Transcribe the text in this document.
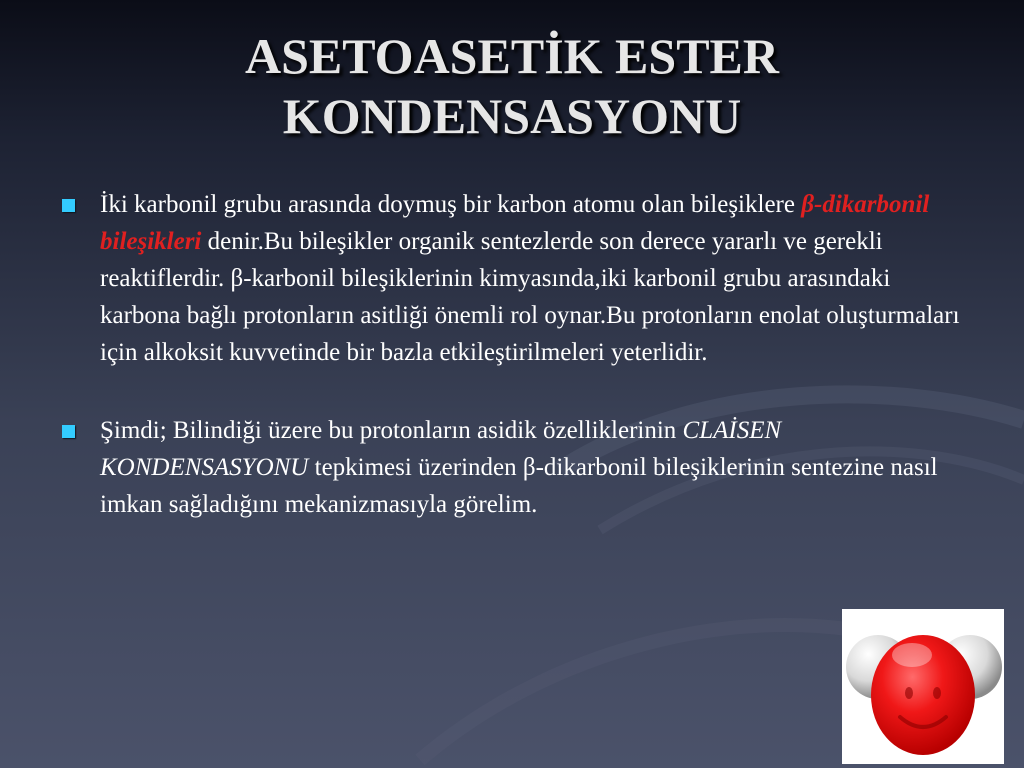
ASETOASETİK ESTER
KONDENSASYONU
İki karbonil grubu arasında doymuş bir karbon atomu olan bileşiklere β-dikarbonil bileşikleri denir.Bu bileşikler organik sentezlerde son derece yararlı ve gerekli reaktiflerdir. β-karbonil bileşiklerinin kimyasında,iki karbonil grubu arasındaki karbona bağlı protonların asitliği önemli rol oynar.Bu protonların enolat oluşturmaları için alkoksit kuvvetinde bir bazla etkileştirilmeleri yeterlidir.
Şimdi; Bilindiği üzere bu protonların asidik özelliklerinin CLAİSEN KONDENSASYONU tepkimesi üzerinden β-dikarbonil bileşiklerinin sentezine nasıl imkan sağladığını mekanizmasıyla görelim.
